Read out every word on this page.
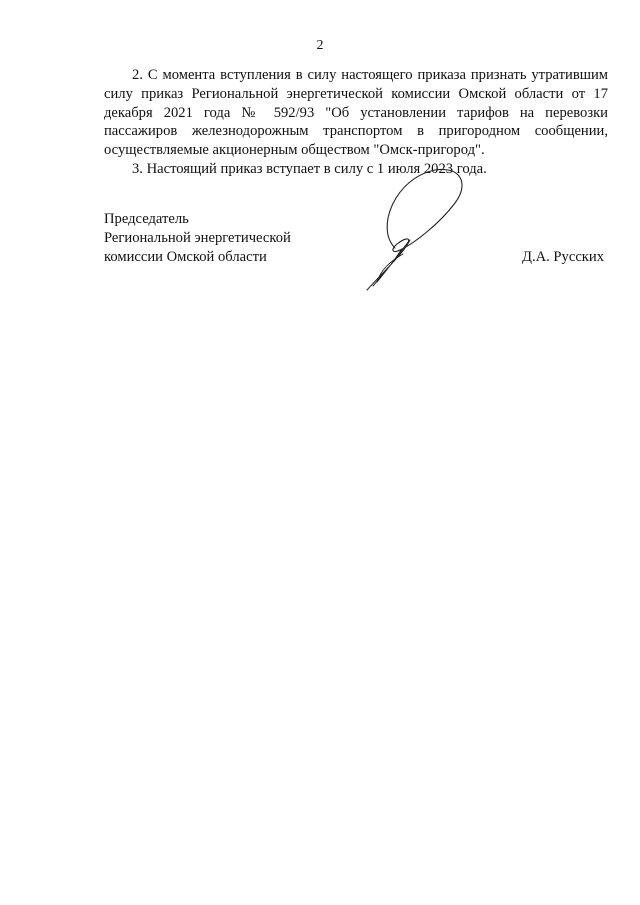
2

2. С момента вступления в силу настоящего приказа признать утратившим силу приказ Региональной энергетической комиссии Омской области от 17 декабря 2021 года № 592/93 "Об установлении тарифов на перевозки пассажиров железнодорожным транспортом в пригородном сообщении, осуществляемые акционерным обществом "Омск-пригород".

3. Настоящий приказ вступает в силу с 1 июля 2023 года.

Председатель
Региональной энергетической
комиссии Омской области	Д.А. Русских
